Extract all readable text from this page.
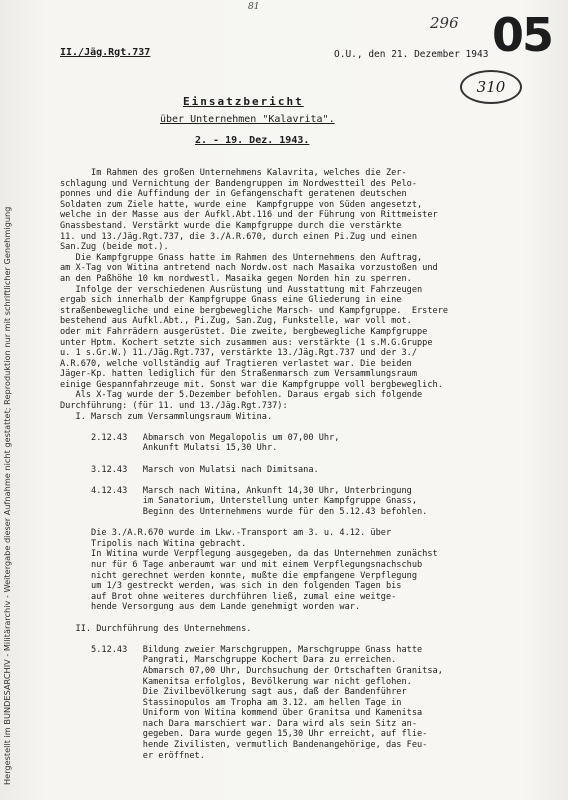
81
296 05
II./Jäg.Rgt.737	O.U., den 21. Dezember 1943
310
Einsatzbericht
über Unternehmen "Kalavrita".
2. - 19. Dez. 1943.
Im Rahmen des großen Unternehmens Kalavrita, welches die Zer-
schlagung und Vernichtung der Bandengruppen im Nordwestteil des Pelo-
ponnes und die Auffindung der in Gefangenschaft geratenen deutschen
Soldaten zum Ziele hatte, wurde eine  Kampfgruppe von Süden angesetzt,
welche in der Masse aus der Aufkl.Abt.116 und der Führung von Rittmeister
Gnassbestand. Verstärkt wurde die Kampfgruppe durch die verstärkte
11. und 13./Jäg.Rgt.737, die 3./A.R.670, durch einen Pi.Zug und einen
San.Zug (beide mot.).
Die Kampfgruppe Gnass hatte im Rahmen des Unternehmens den Auftrag,
am X-Tag von Witina antretend nach Nordw.ost nach Masaika vorzustoßen und
an den Paßhöhe 10 km nordwestl. Masaika gegen Norden hin zu sperren.
Infolge der verschiedenen Ausrüstung und Ausstattung mit Fahrzeugen
ergab sich innerhalb der Kampfgruppe Gnass eine Gliederung in eine
straßenbewegliche und eine bergbewegliche Marsch- und Kampfgruppe.  Erstere
bestehend aus Aufkl.Abt., Pi.Zug, San.Zug, Funkstelle, war voll mot.
oder mit Fahrrädern ausgerüstet. Die zweite, bergbewegliche Kampfgruppe
unter Hptm. Kochert setzte sich zusammen aus: verstärkte (1 s.M.G.Gruppe
u. 1 s.Gr.W.) 11./Jäg.Rgt.737, verstärkte 13./Jäg.Rgt.737 und der 3./
A.R.670, welche vollständig auf Tragtieren verlastet war. Die beiden
Jäger-Kp. hatten lediglich für den Straßenmarsch zum Versammlungsraum
einige Gespannfahrzeuge mit. Sonst war die Kampfgruppe voll bergbeweglich.
Als X-Tag wurde der 5.Dezember befohlen. Daraus ergab sich folgende
Durchführung: (für 11. und 13./Jäg.Rgt.737):
I. Marsch zum Versammlungsraum Witina.

2.12.43   Abmarsch von Megalopolis um 07,00 Uhr,
Ankunft Mulatsi 15,30 Uhr.

3.12.43   Marsch von Mulatsi nach Dimitsana.

4.12.43   Marsch nach Witina, Ankunft 14,30 Uhr, Unterbringung
im Sanatorium, Unterstellung unter Kampfgruppe Gnass,
Beginn des Unternehmens wurde für den 5.12.43 befohlen.

Die 3./A.R.670 wurde im Lkw.-Transport am 3. u. 4.12. über
Tripolis nach Witina gebracht.
In Witina wurde Verpflegung ausgegeben, da das Unternehmen zunächst
nur für 6 Tage anberaumt war und mit einem Verpflegungsnachschub
nicht gerechnet werden konnte, mußte die empfangene Verpflegung
um 1/3 gestreckt werden, was sich in den folgenden Tagen bis
auf Brot ohne weiteres durchführen ließ, zumal eine weitge-
hende Versorgung aus dem Lande genehmigt worden war.

II. Durchführung des Unternehmens.

5.12.43   Bildung zweier Marschgruppen, Marschgruppe Gnass hatte
Pangrati, Marschgruppe Kochert Dara zu erreichen.
Abmarsch 07,00 Uhr, Durchsuchung der Ortschaften Granitsa,
Kamenitsa erfolglos, Bevölkerung war nicht geflohen.
Die Zivilbevölkerung sagt aus, daß der Bandenführer
Stassinopulos am Tropha am 3.12. am hellen Tage in
Uniform von Witina kommend über Granitsa und Kamenitsa
nach Dara marschiert war. Dara wird als sein Sitz an-
gegeben. Dara wurde gegen 15,30 Uhr erreicht, auf flie-
hende Zivilisten, vermutlich Bandenangehörige, das Feu-
er eröffnet.
Hergestellt im BUNDESARCHIV - Militärarchiv - Weitergabe dieser Aufnahme nicht gestattet; Reproduktion nur mit schriftlicher Genehmigung
